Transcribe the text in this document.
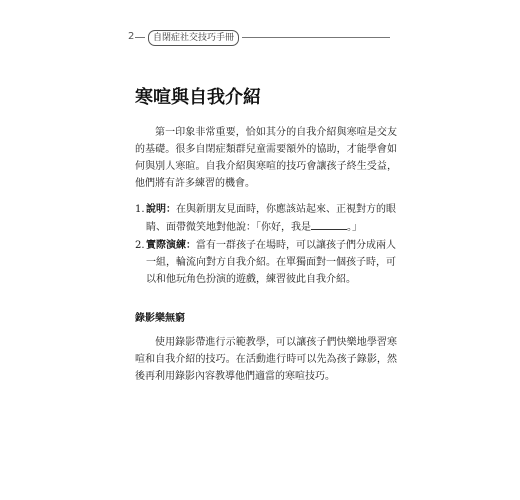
2	自閉症社交技巧手冊
寒喧與自我介紹

第一印象非常重要，恰如其分的自我介紹與寒喧是交友的基礎。很多自閉症類群兒童需要額外的協助，才能學會如何與別人寒暄。自我介紹與寒喧的技巧會讓孩子終生受益，他們將有許多練習的機會。

1. 說明：在與新朋友見面時，你應該站起來、正視對方的眼睛、面帶微笑地對他說：「你好，我是	。」
2. 實際演練：當有一群孩子在場時，可以讓孩子們分成兩人一組，輪流向對方自我介紹。在單獨面對一個孩子時，可以和他玩角色扮演的遊戲，練習彼此自我介紹。
錄影樂無窮

使用錄影帶進行示範教學，可以讓孩子們快樂地學習寒喧和自我介紹的技巧。在活動進行時可以先為孩子錄影，然後再利用錄影內容教導他們適當的寒喧技巧。
